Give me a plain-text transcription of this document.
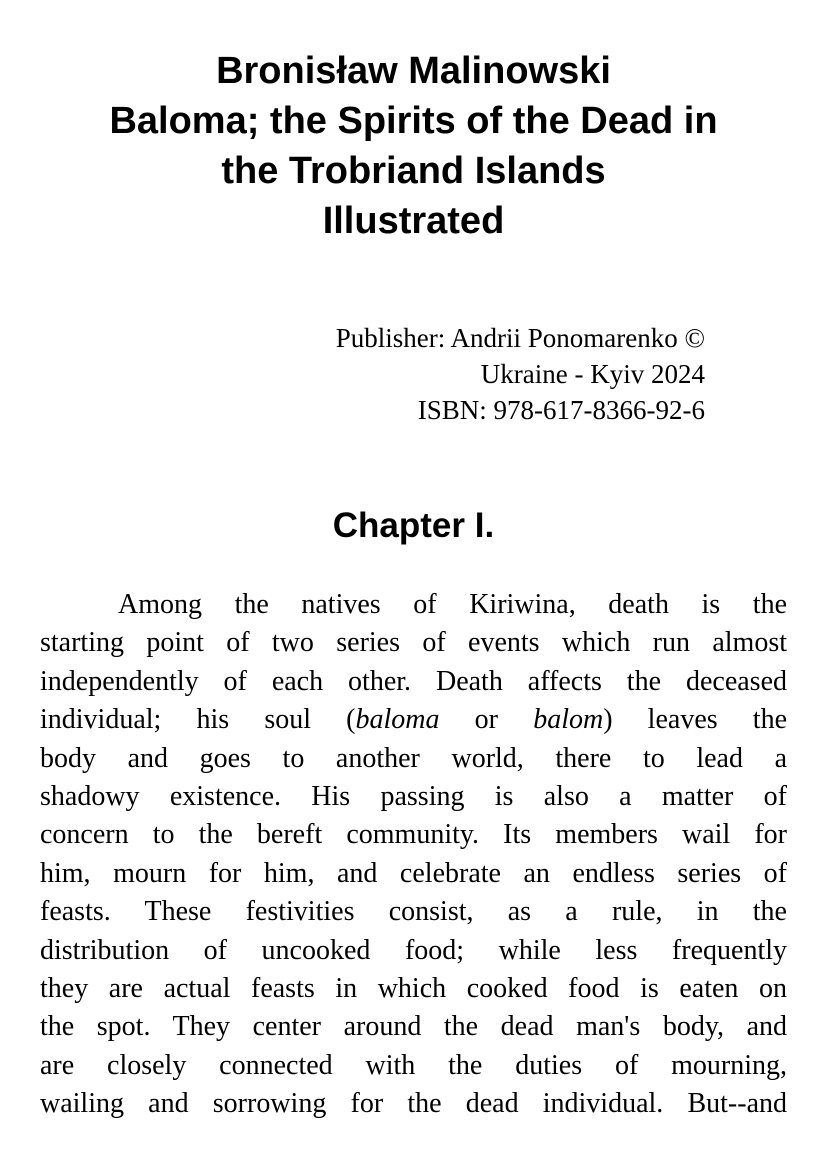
Bronisław Malinowski
Baloma; the Spirits of the Dead in
the Trobriand Islands
Illustrated
Publisher: Andrii Ponomarenko ©
Ukraine - Kyiv 2024
ISBN: 978-617-8366-92-6
Chapter I.
Among the natives of Kiriwina, death is the
starting point of two series of events which run almost
independently of each other. Death affects the deceased
individual; his soul (baloma or balom) leaves the
body and goes to another world, there to lead a
shadowy existence. His passing is also a matter of
concern to the bereft community. Its members wail for
him, mourn for him, and celebrate an endless series of
feasts. These festivities consist, as a rule, in the
distribution of uncooked food; while less frequently
they are actual feasts in which cooked food is eaten on
the spot. They center around the dead man's body, and
are closely connected with the duties of mourning,
wailing and sorrowing for the dead individual. But--and
